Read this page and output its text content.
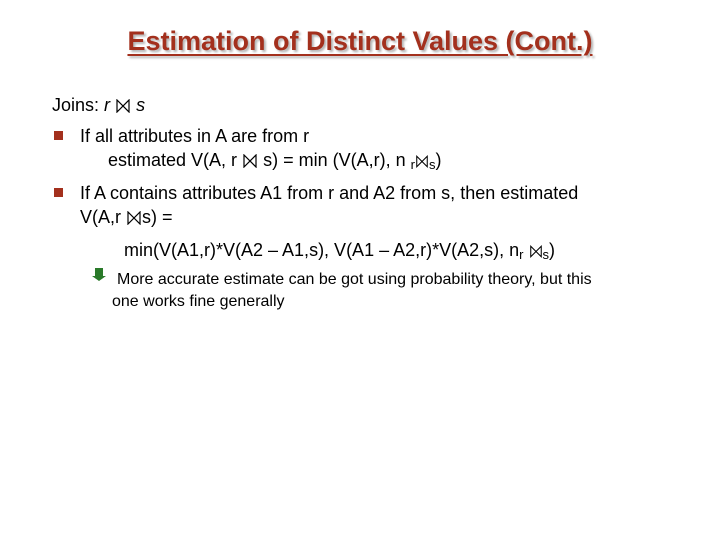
Estimation of Distinct Values (Cont.)
Joins: r s
If all attributes in A are from r
estimated V(A, r s) = min (V(A,r), n $_r$ $_s$)
If A contains attributes A1 from r and A2 from s, then estimated
V(A,r s) =
min(V(A1,r)*V(A2 – A1,s), V(A1 – A2,r)*V(A2,s), $n_r$ $_s$)
More accurate estimate can be got using probability theory, but this
one works fine generally
